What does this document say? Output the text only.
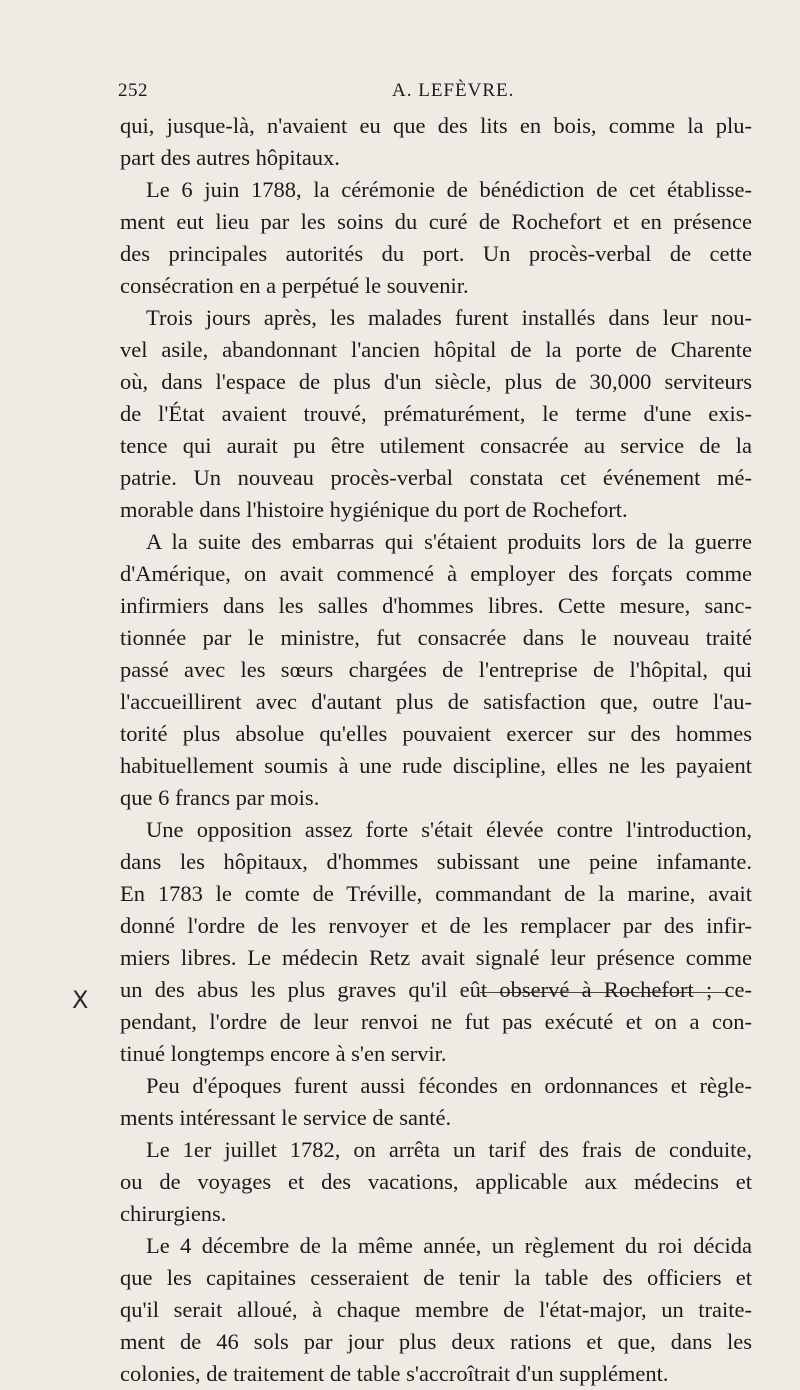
252	A. LEFÈVRE.
X
qui, jusque-là, n'avaient eu que des lits en bois, comme la plu-
part des autres hôpitaux.
Le 6 juin 1788, la cérémonie de bénédiction de cet établisse-
ment eut lieu par les soins du curé de Rochefort et en présence
des principales autorités du port. Un procès-verbal de cette
consécration en a perpétué le souvenir.
Trois jours après, les malades furent installés dans leur nou-
vel asile, abandonnant l'ancien hôpital de la porte de Charente
où, dans l'espace de plus d'un siècle, plus de 30,000 serviteurs
de l'État avaient trouvé, prématurément, le terme d'une exis-
tence qui aurait pu être utilement consacrée au service de la
patrie. Un nouveau procès-verbal constata cet événement mé-
morable dans l'histoire hygiénique du port de Rochefort.
A la suite des embarras qui s'étaient produits lors de la guerre
d'Amérique, on avait commencé à employer des forçats comme
infirmiers dans les salles d'hommes libres. Cette mesure, sanc-
tionnée par le ministre, fut consacrée dans le nouveau traité
passé avec les sœurs chargées de l'entreprise de l'hôpital, qui
l'accueillirent avec d'autant plus de satisfaction que, outre l'au-
torité plus absolue qu'elles pouvaient exercer sur des hommes
habituellement soumis à une rude discipline, elles ne les payaient
que 6 francs par mois.
Une opposition assez forte s'était élevée contre l'introduction,
dans les hôpitaux, d'hommes subissant une peine infamante.
En 1783 le comte de Tréville, commandant de la marine, avait
donné l'ordre de les renvoyer et de les remplacer par des infir-
miers libres. Le médecin Retz avait signalé leur présence comme
un des abus les plus graves qu'il eût observé à Rochefort ; ce-
pendant, l'ordre de leur renvoi ne fut pas exécuté et on a con-
tinué longtemps encore à s'en servir.
Peu d'époques furent aussi fécondes en ordonnances et règle-
ments intéressant le service de santé.
Le 1er juillet 1782, on arrêta un tarif des frais de conduite,
ou de voyages et des vacations, applicable aux médecins et
chirurgiens.
Le 4 décembre de la même année, un règlement du roi décida
que les capitaines cesseraient de tenir la table des officiers et
qu'il serait alloué, à chaque membre de l'état-major, un traite-
ment de 46 sols par jour plus deux rations et que, dans les
colonies, de traitement de table s'accroîtrait d'un supplément.
